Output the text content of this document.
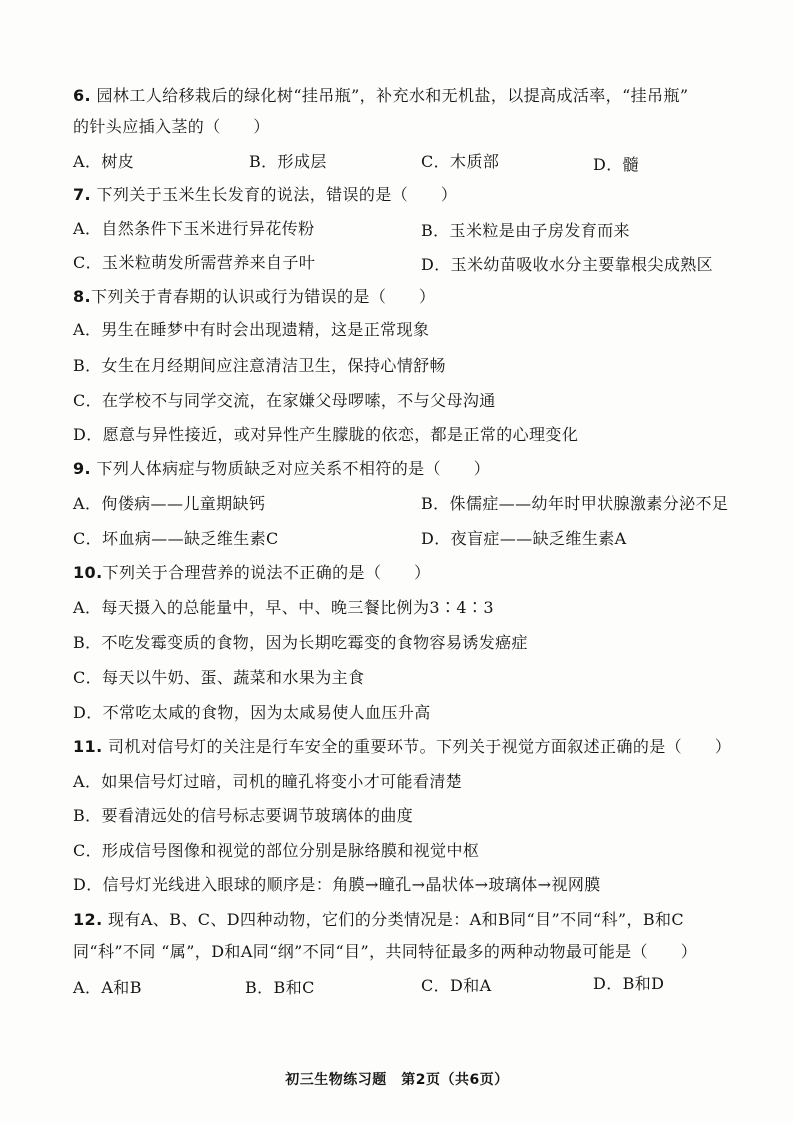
6. 园林工人给移栽后的绿化树“挂吊瓶”，补充水和无机盐，以提高成活率，“挂吊瓶”
的针头应插入茎的（　　）
A．树皮	B．形成层	C．木质部	D．髓
7. 下列关于玉米生长发育的说法，错误的是（　　）
A．自然条件下玉米进行异花传粉	B．玉米粒是由子房发育而来
C．玉米粒萌发所需营养来自子叶	D．玉米幼苗吸收水分主要靠根尖成熟区
8.下列关于青春期的认识或行为错误的是（　　）
A．男生在睡梦中有时会出现遗精，这是正常现象
B．女生在月经期间应注意清洁卫生，保持心情舒畅
C．在学校不与同学交流，在家嫌父母啰嗦，不与父母沟通
D．愿意与异性接近，或对异性产生朦胧的依恋，都是正常的心理变化
9. 下列人体病症与物质缺乏对应关系不相符的是（　　）
A．佝偻病——儿童期缺钙	B．侏儒症——幼年时甲状腺激素分泌不足
C．坏血病——缺乏维生素C	D．夜盲症——缺乏维生素A
10.下列关于合理营养的说法不正确的是（　　）
A．每天摄入的总能量中，早、中、晚三餐比例为3∶4∶3
B．不吃发霉变质的食物，因为长期吃霉变的食物容易诱发癌症
C．每天以牛奶、蛋、蔬菜和水果为主食
D．不常吃太咸的食物，因为太咸易使人血压升高
11. 司机对信号灯的关注是行车安全的重要环节。下列关于视觉方面叙述正确的是（　　）
A．如果信号灯过暗，司机的瞳孔将变小才可能看清楚
B．要看清远处的信号标志要调节玻璃体的曲度
C．形成信号图像和视觉的部位分别是脉络膜和视觉中枢
D．信号灯光线进入眼球的顺序是：角膜→瞳孔→晶状体→玻璃体→视网膜
12. 现有A、B、C、D四种动物，它们的分类情况是：A和B同“目”不同“科”，B和C
同“科”不同 “属”，D和A同“纲”不同“目”，共同特征最多的两种动物最可能是（　　）
A．A和B	B．B和C	C．D和A	D．B和D
初三生物练习题　第2页（共6页）
